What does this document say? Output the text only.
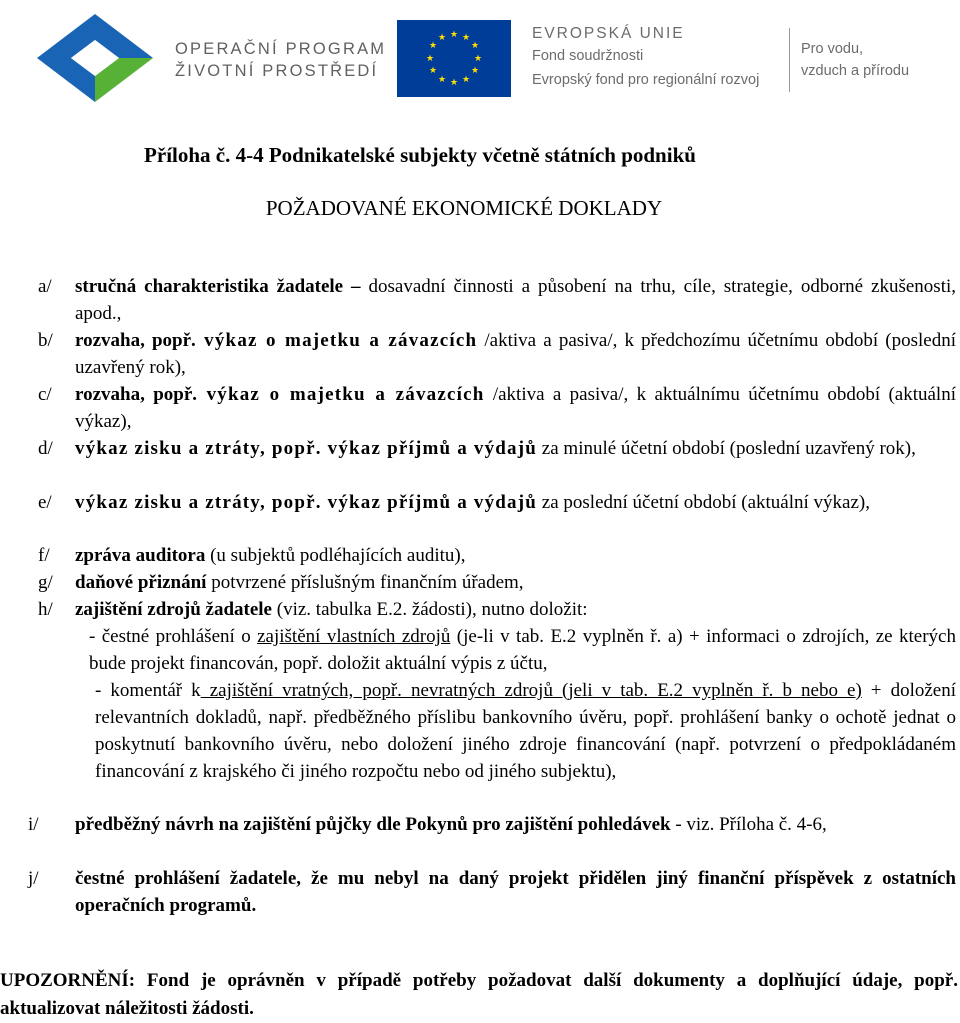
OPERAČNÍ PROGRAM
ŽIVOTNÍ PROSTŘEDÍ
★ ★
★
★
★
★
★
★
★
★
★
★	EVROPSKÁ UNIE
Fond soudržnosti
Evropský fond pro regionální rozvoj
Pro vodu,
vzduch a přírodu
Příloha č. 4-4 Podnikatelské subjekty včetně státních podniků
POŽADOVANÉ EKONOMICKÉ DOKLADY
a/ stručná charakteristika žadatele – dosavadní činnosti a působení na trhu, cíle, strategie, odborné zkušenosti, apod.,
b/ rozvaha, popř. výkaz o majetku a závazcích /aktiva a pasiva/, k předchozímu účetnímu období (poslední uzavřený rok),
c/ rozvaha, popř. výkaz o majetku a závazcích /aktiva a pasiva/, k aktuálnímu účetnímu období (aktuální výkaz),
d/ výkaz zisku a ztráty, popř. výkaz příjmů a výdajů za minulé účetní období (poslední uzavřený rok),
e/ výkaz zisku a ztráty, popř. výkaz příjmů a výdajů za poslední účetní období (aktuální výkaz),
f/ zpráva auditora (u subjektů podléhajících auditu),
g/ daňové přiznání potvrzené příslušným finančním úřadem,
h/ zajištění zdrojů žadatele (viz. tabulka E.2. žádosti), nutno doložit:
- čestné prohlášení o zajištění vlastních zdrojů (je-li v tab. E.2 vyplněn ř. a) + informaci o zdrojích, ze kterých bude projekt financován, popř. doložit aktuální výpis z účtu,
- komentář k zajištění vratných, popř. nevratných zdrojů (jeli v tab. E.2 vyplněn ř. b nebo e) + doložení relevantních dokladů, např. předběžného příslibu bankovního úvěru, popř. prohlášení banky o ochotě jednat o poskytnutí bankovního úvěru, nebo doložení jiného zdroje financování (např. potvrzení o předpokládaném financování z krajského či jiného rozpočtu nebo od jiného subjektu),
i/ předběžný návrh na zajištění půjčky dle Pokynů pro zajištění pohledávek - viz. Příloha č. 4-6,
j/ čestné prohlášení žadatele, že mu nebyl na daný projekt přidělen jiný finanční příspěvek z ostatních operačních programů.
UPOZORNĚNÍ: Fond je oprávněn v případě potřeby požadovat další dokumenty a doplňující údaje, popř. aktualizovat náležitosti žádosti.
